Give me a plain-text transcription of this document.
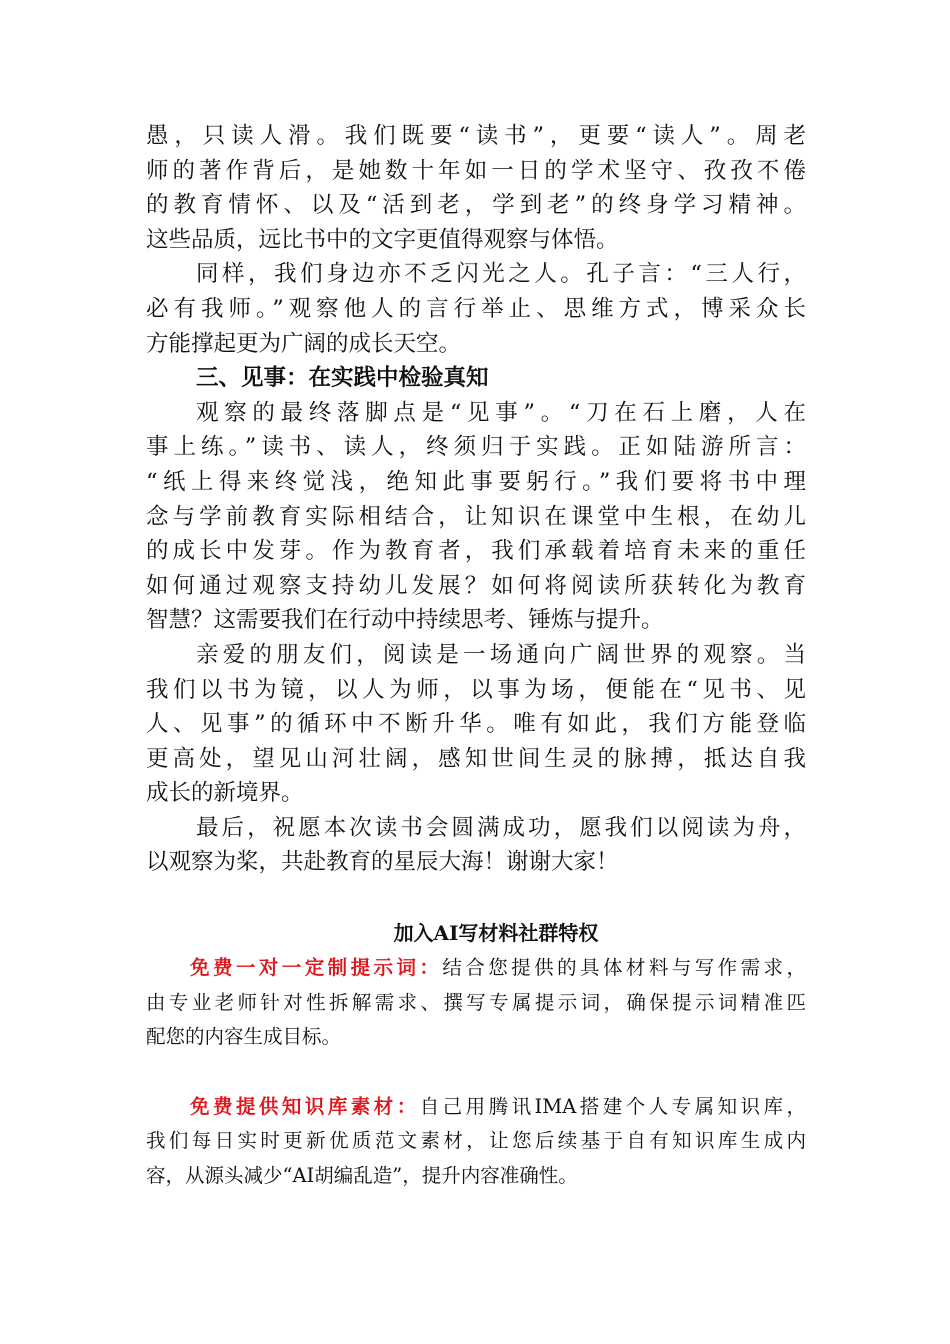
愚，只读人滑。我们既要“读书”，更要“读人”。周老
师的著作背后，是她数十年如一日的学术坚守、孜孜不倦
的教育情怀、以及“活到老，学到老”的终身学习精神。
这些品质，远比书中的文字更值得观察与体悟。
同样，我们身边亦不乏闪光之人。孔子言：“三人行，
必有我师。”观察他人的言行举止、思维方式，博采众长
方能撑起更为广阔的成长天空。
三、见事：在实践中检验真知
观察的最终落脚点是“见事”。“刀在石上磨，人在
事上练。”读书、读人，终须归于实践。正如陆游所言：
“纸上得来终觉浅，绝知此事要躬行。”我们要将书中理
念与学前教育实际相结合，让知识在课堂中生根，在幼儿
的成长中发芽。作为教育者，我们承载着培育未来的重任
如何通过观察支持幼儿发展？如何将阅读所获转化为教育
智慧？这需要我们在行动中持续思考、锤炼与提升。
亲爱的朋友们，阅读是一场通向广阔世界的观察。当
我们以书为镜，以人为师，以事为场，便能在“见书、见
人、见事”的循环中不断升华。唯有如此，我们方能登临
更高处，望见山河壮阔，感知世间生灵的脉搏，抵达自我
成长的新境界。
最后，祝愿本次读书会圆满成功，愿我们以阅读为舟，
以观察为桨，共赴教育的星辰大海！谢谢大家！
加入AI写材料社群特权
免费一对一定制提示词：结合您提供的具体材料与写作需求，
由专业老师针对性拆解需求、撰写专属提示词，确保提示词精准匹
配您的内容生成目标。
免费提供知识库素材：自己用腾讯IMA搭建个人专属知识库，
我们每日实时更新优质范文素材，让您后续基于自有知识库生成内
容，从源头减少“AI胡编乱造”，提升内容准确性。
